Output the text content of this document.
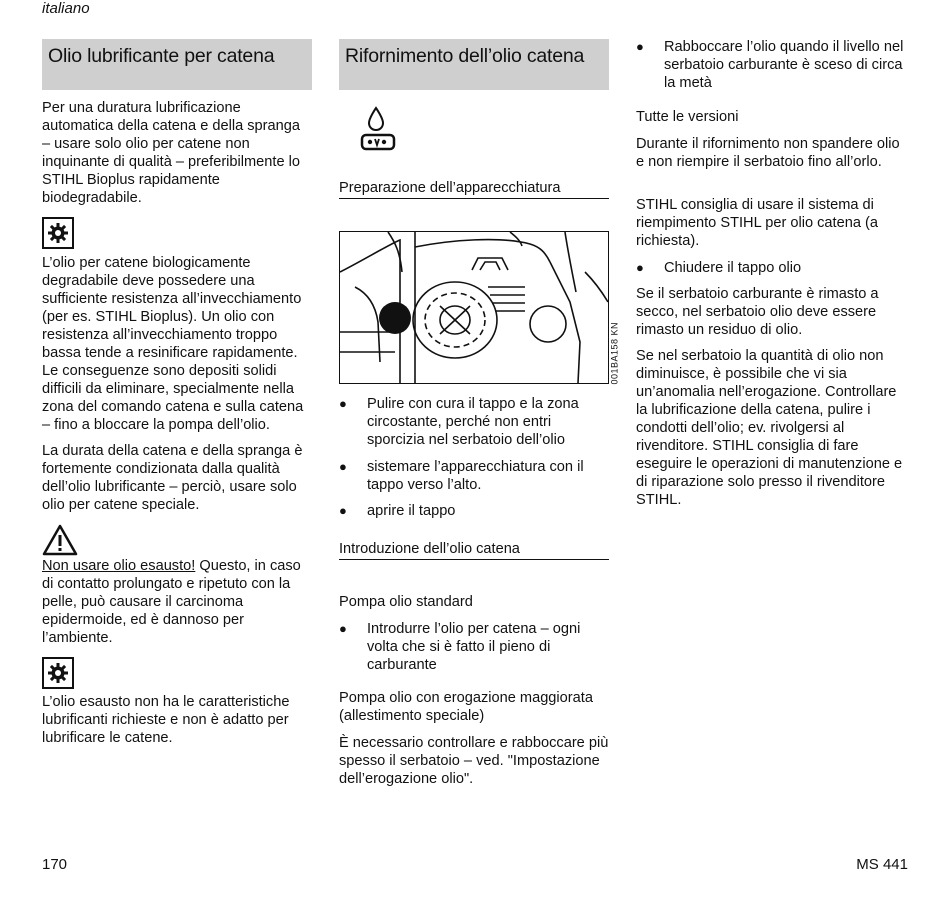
italiano
Olio lubrificante per catena
Per una duratura lubrificazione automatica della catena e della spranga – usare solo olio per catene non inquinante di qualità – preferibilmente lo STIHL Bioplus rapidamente biodegradabile.
L’olio per catene biologicamente degradabile deve possedere una sufficiente resistenza all’invecchiamento (per es. STIHL Bioplus). Un olio con resistenza all’invecchiamento troppo bassa tende a resinificare rapidamente. Le conseguenze sono depositi solidi difficili da eliminare, specialmente nella zona del comando catena e sulla catena – fino a bloccare la pompa dell’olio.
La durata della catena e della spranga è fortemente condizionata dalla qualità dell’olio lubrificante – perciò, usare solo olio per catene speciale.
Non usare olio esausto! Questo, in caso di contatto prolungato e ripetuto con la pelle, può causare il carcinoma epidermoide, ed è dannoso per l’ambiente.
L’olio esausto non ha le caratteristiche lubrificanti richieste e non è adatto per lubrificare le catene.
Rifornimento dell’olio catena
Preparazione dell’apparecchiatura
● Pulire con cura il tappo e la zona circostante, perché non entri sporcizia nel serbatoio dell’olio
● sistemare l’apparecchiatura con il tappo verso l’alto.
● aprire il tappo
Introduzione dell’olio catena
Pompa olio standard
● Introdurre l’olio per catena – ogni volta che si è fatto il pieno di carburante
Pompa olio con erogazione maggiorata (allestimento speciale)
È necessario controllare e rabboccare più spesso il serbatoio – ved. "Impostazione dell’erogazione olio".
001BA158 KN
● Rabboccare l’olio quando il livello nel serbatoio carburante è sceso di circa la metà
Tutte le versioni
Durante il rifornimento non spandere olio e non riempire il serbatoio fino all’orlo.
STIHL consiglia di usare il sistema di riempimento STIHL per olio catena (a richiesta).
● Chiudere il tappo olio
Se il serbatoio carburante è rimasto a secco, nel serbatoio olio deve essere rimasto un residuo di olio.
Se nel serbatoio la quantità di olio non diminuisce, è possibile che vi sia un’anomalia nell’erogazione. Controllare la lubrificazione della catena, pulire i condotti dell’olio; ev. rivolgersi al rivenditore. STIHL consiglia di fare eseguire le operazioni di manutenzione e di riparazione solo presso il rivenditore STIHL.
170	MS 441
